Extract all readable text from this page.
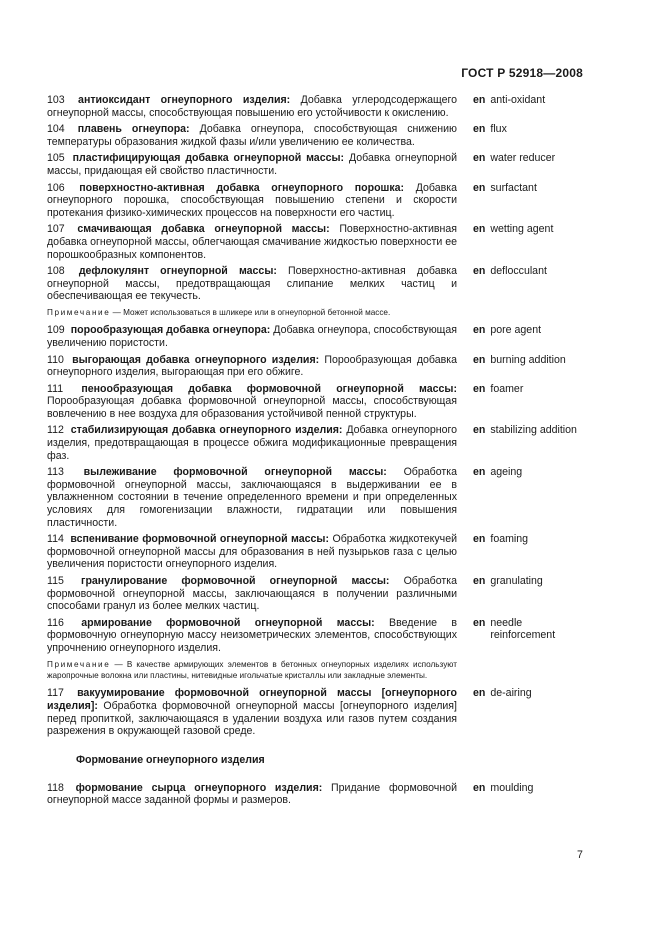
ГОСТ Р 52918—2008
103 антиоксидант огнеупорного изделия: Добавка углеродсодержащего огнеупорной массы, способствующая повышению его устойчивости к окислению.
en anti-oxidant
104 плавень огнеупора: Добавка огнеупора, способствующая снижению температуры образования жидкой фазы и/или увеличению ее количества.
en flux
105 пластифицирующая добавка огнеупорной массы: Добавка огнеупорной массы, придающая ей свойство пластичности.
en water reducer
106 поверхностно-активная добавка огнеупорного порошка: Добавка огнеупорного порошка, способствующая повышению степени и скорости протекания физико-химических процессов на поверхности его частиц.
en surfactant
107 смачивающая добавка огнеупорной массы: Поверхностно-активная добавка огнеупорной массы, облегчающая смачивание жидкостью поверхности ее порошкообразных компонентов.
en wetting agent
108 дефлокулянт огнеупорной массы: Поверхностно-активная добавка огнеупорной массы, предотвращающая слипание мелких частиц и обеспечивающая ее текучесть.
en deflocculant
Примечание — Может использоваться в шликере или в огнеупорной бетонной массе.
109 порообразующая добавка огнеупора: Добавка огнеупора, способствующая увеличению пористости.
en pore agent
110 выгорающая добавка огнеупорного изделия: Порообразующая добавка огнеупорного изделия, выгорающая при его обжиге.
en burning addition
111 пенообразующая добавка формовочной огнеупорной массы: Порообразующая добавка формовочной огнеупорной массы, способствующая вовлечению в нее воздуха для образования устойчивой пенной структуры.
en foamer
112 стабилизирующая добавка огнеупорного изделия: Добавка огнеупорного изделия, предотвращающая в процессе обжига модификационные превращения фаз.
en stabilizing addition
113 вылеживание формовочной огнеупорной массы: Обработка формовочной огнеупорной массы, заключающаяся в выдерживании ее в увлажненном состоянии в течение определенного времени и при определенных условиях для гомогенизации влажности, гидратации или повышения пластичности.
en ageing
114 вспенивание формовочной огнеупорной массы: Обработка жидкотекучей формовочной огнеупорной массы для образования в ней пузырьков газа с целью увеличения пористости огнеупорного изделия.
en foaming
115 гранулирование формовочной огнеупорной массы: Обработка формовочной огнеупорной массы, заключающаяся в получении различными способами гранул из более мелких частиц.
en granulating
116 армирование формовочной огнеупорной массы: Введение в формовочную огнеупорную массу неизометрических элементов, способствующих упрочнению огнеупорного изделия.
en needle reinforcement
Примечание — В качестве армирующих элементов в бетонных огнеупорных изделиях используют жаропрочные волокна или пластины, нитевидные игольчатые кристаллы или закладные элементы.
117 вакуумирование формовочной огнеупорной массы [огнеупорного изделия]: Обработка формовочной огнеупорной массы [огнеупорного изделия] перед пропиткой, заключающаяся в удалении воздуха или газов путем создания разрежения в окружающей газовой среде.
en de-airing
Формование огнеупорного изделия
118 формование сырца огнеупорного изделия: Придание формовочной огнеупорной массе заданной формы и размеров.
en moulding
7
